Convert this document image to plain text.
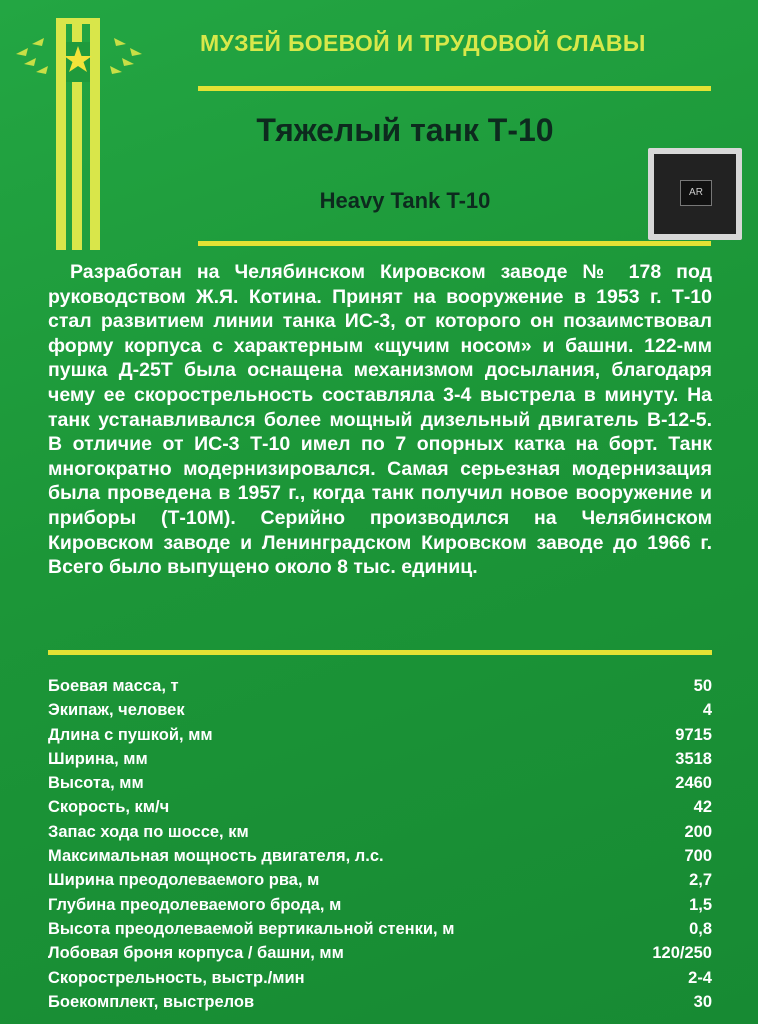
МУЗЕЙ БОЕВОЙ И ТРУДОВОЙ СЛАВЫ
Тяжелый танк Т-10
Heavy Tank T-10	AR
Разработан на Челябинском Кировском заводе № 178 под руководством Ж.Я. Котина. Принят на вооружение в 1953 г. Т-10 стал развитием линии танка ИС-3, от которого он позаимствовал форму корпуса с характерным «щучим носом» и башни. 122-мм пушка Д-25Т была оснащена механизмом досылания, благодаря чему ее скорострельность составляла 3-4 выстрела в минуту. На танк устанавливался более мощный дизельный двигатель В-12-5. В отличие от ИС-3 Т-10 имел по 7 опорных катка на борт. Танк многократно модернизировался. Самая серьезная модернизация была проведена в 1957 г., когда танк получил новое вооружение и приборы (Т-10М). Серийно производился на Челябинском Кировском заводе и Ленинградском Кировском заводе до 1966 г. Всего было выпущено около 8 тыс. единиц.
Боевая масса, т	50
Экипаж, человек	4
Длина с пушкой, мм	9715
Ширина, мм	3518
Высота, мм	2460
Скорость, км/ч	42
Запас хода по шоссе, км	200
Максимальная мощность двигателя, л.с.	700
Ширина преодолеваемого рва, м	2,7
Глубина преодолеваемого брода, м	1,5
Высота преодолеваемой вертикальной стенки, м	0,8
Лобовая броня корпуса / башни, мм	120/250
Скорострельность, выстр./мин	2-4
Боекомплект, выстрелов	30
